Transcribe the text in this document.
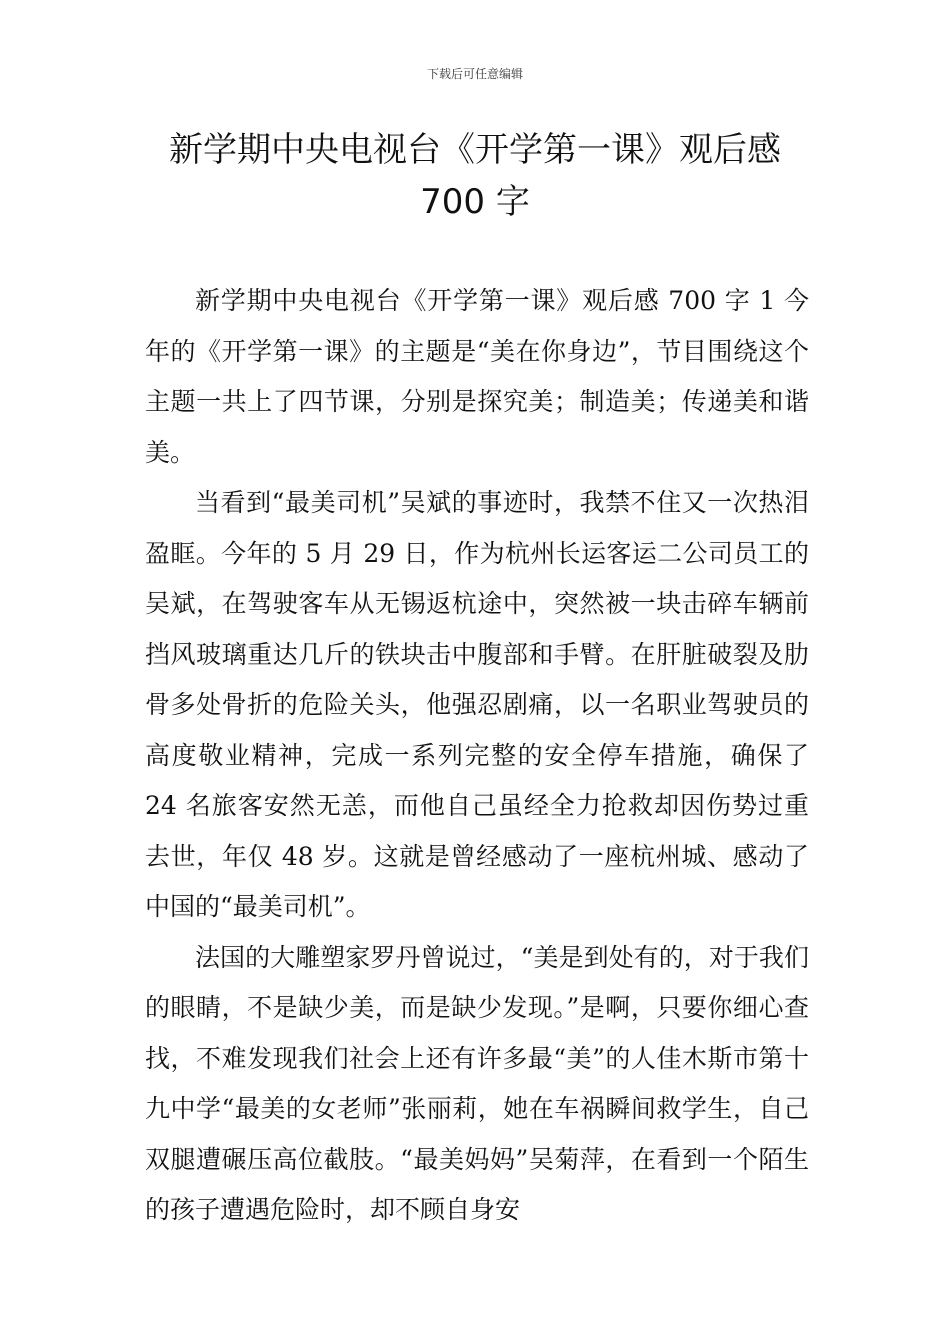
下载后可任意编辑
新学期中央电视台《开学第一课》观后感
700 字

新学期中央电视台《开学第一课》观后感 700 字 1 今年的《开学第一课》的主题是“美在你身边”，节目围绕这个主题一共上了四节课，分别是探究美；制造美；传递美和谐美。

当看到“最美司机”吴斌的事迹时，我禁不住又一次热泪盈眶。今年的 5 月 29 日，作为杭州长运客运二公司员工的吴斌，在驾驶客车从无锡返杭途中，突然被一块击碎车辆前挡风玻璃重达几斤的铁块击中腹部和手臂。在肝脏破裂及肋骨多处骨折的危险关头，他强忍剧痛，以一名职业驾驶员的高度敬业精神，完成一系列完整的安全停车措施，确保了 24 名旅客安然无恙，而他自己虽经全力抢救却因伤势过重去世，年仅 48 岁。这就是曾经感动了一座杭州城、感动了中国的“最美司机”。

法国的大雕塑家罗丹曾说过，“美是到处有的，对于我们的眼睛，不是缺少美，而是缺少发现。”是啊，只要你细心查找，不难发现我们社会上还有许多最“美”的人佳木斯市第十九中学“最美的女老师”张丽莉，她在车祸瞬间救学生，自己双腿遭碾压高位截肢。“最美妈妈”吴菊萍，在看到一个陌生的孩子遭遇危险时，却不顾自身安
